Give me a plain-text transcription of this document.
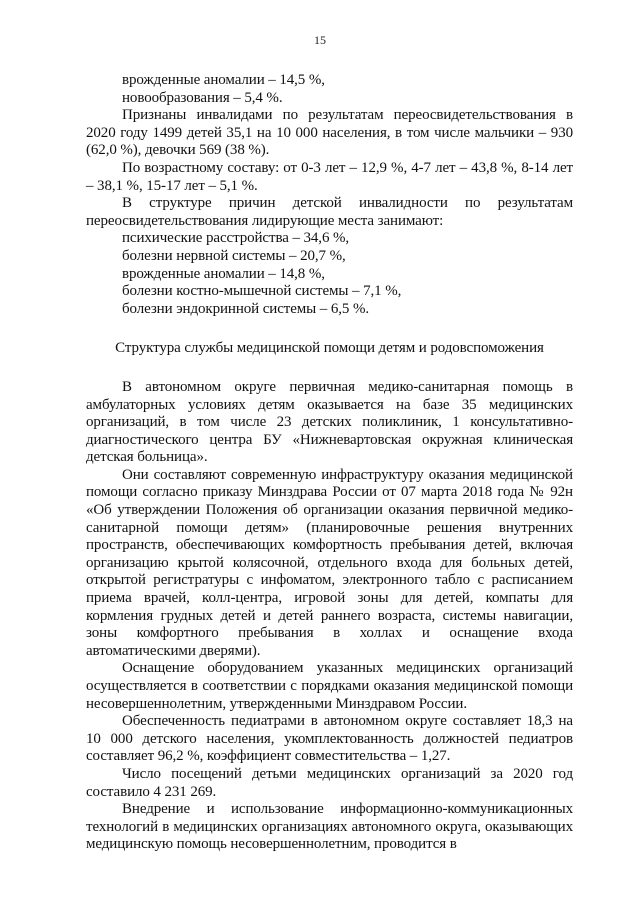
15

врожденные аномалии – 14,5 %,

новообразования – 5,4 %.

Признаны инвалидами по результатам переосвидетельствования в 2020 году 1499 детей 35,1 на 10 000 населения, в том числе мальчики – 930 (62,0 %), девочки 569 (38 %).

По возрастному составу: от 0-3 лет – 12,9 %, 4-7 лет – 43,8 %, 8-14 лет – 38,1 %, 15-17 лет – 5,1 %.

В структуре причин детской инвалидности по результатам переосвидетельствования лидирующие места занимают:

психические расстройства – 34,6 %,

болезни нервной системы – 20,7 %,

врожденные аномалии – 14,8 %,

болезни костно-мышечной системы – 7,1 %,

болезни эндокринной системы – 6,5 %.

Структура службы медицинской помощи детям и родовспоможения

В автономном округе первичная медико-санитарная помощь в амбулаторных условиях детям оказывается на базе 35 медицинских организаций, в том числе 23 детских поликлиник, 1 консультативно-диагностического центра БУ «Нижневартовская окружная клиническая детская больница».

Они составляют современную инфраструктуру оказания медицинской помощи согласно приказу Минздрава России от 07 марта 2018 года № 92н «Об утверждении Положения об организации оказания первичной медико-санитарной помощи детям» (планировочные решения внутренних пространств, обеспечивающих комфортность пребывания детей, включая организацию крытой колясочной, отдельного входа для больных детей, открытой регистратуры с инфоматом, электронного табло с расписанием приема врачей, колл-центра, игровой зоны для детей, компаты для кормления грудных детей и детей раннего возраста, системы навигации, зоны комфортного пребывания в холлах и оснащение входа автоматическими дверями).

Оснащение оборудованием указанных медицинских организаций осуществляется в соответствии с порядками оказания медицинской помощи несовершеннолетним, утвержденными Минздравом России.

Обеспеченность педиатрами в автономном округе составляет 18,3 на 10 000 детского населения, укомплектованность должностей педиатров составляет 96,2 %, коэффициент совместительства – 1,27.

Число посещений детьми медицинских организаций за 2020 год составило 4 231 269.

Внедрение и использование информационно-коммуникационных технологий в медицинских организациях автономного округа, оказывающих медицинскую помощь несовершеннолетним, проводится в
